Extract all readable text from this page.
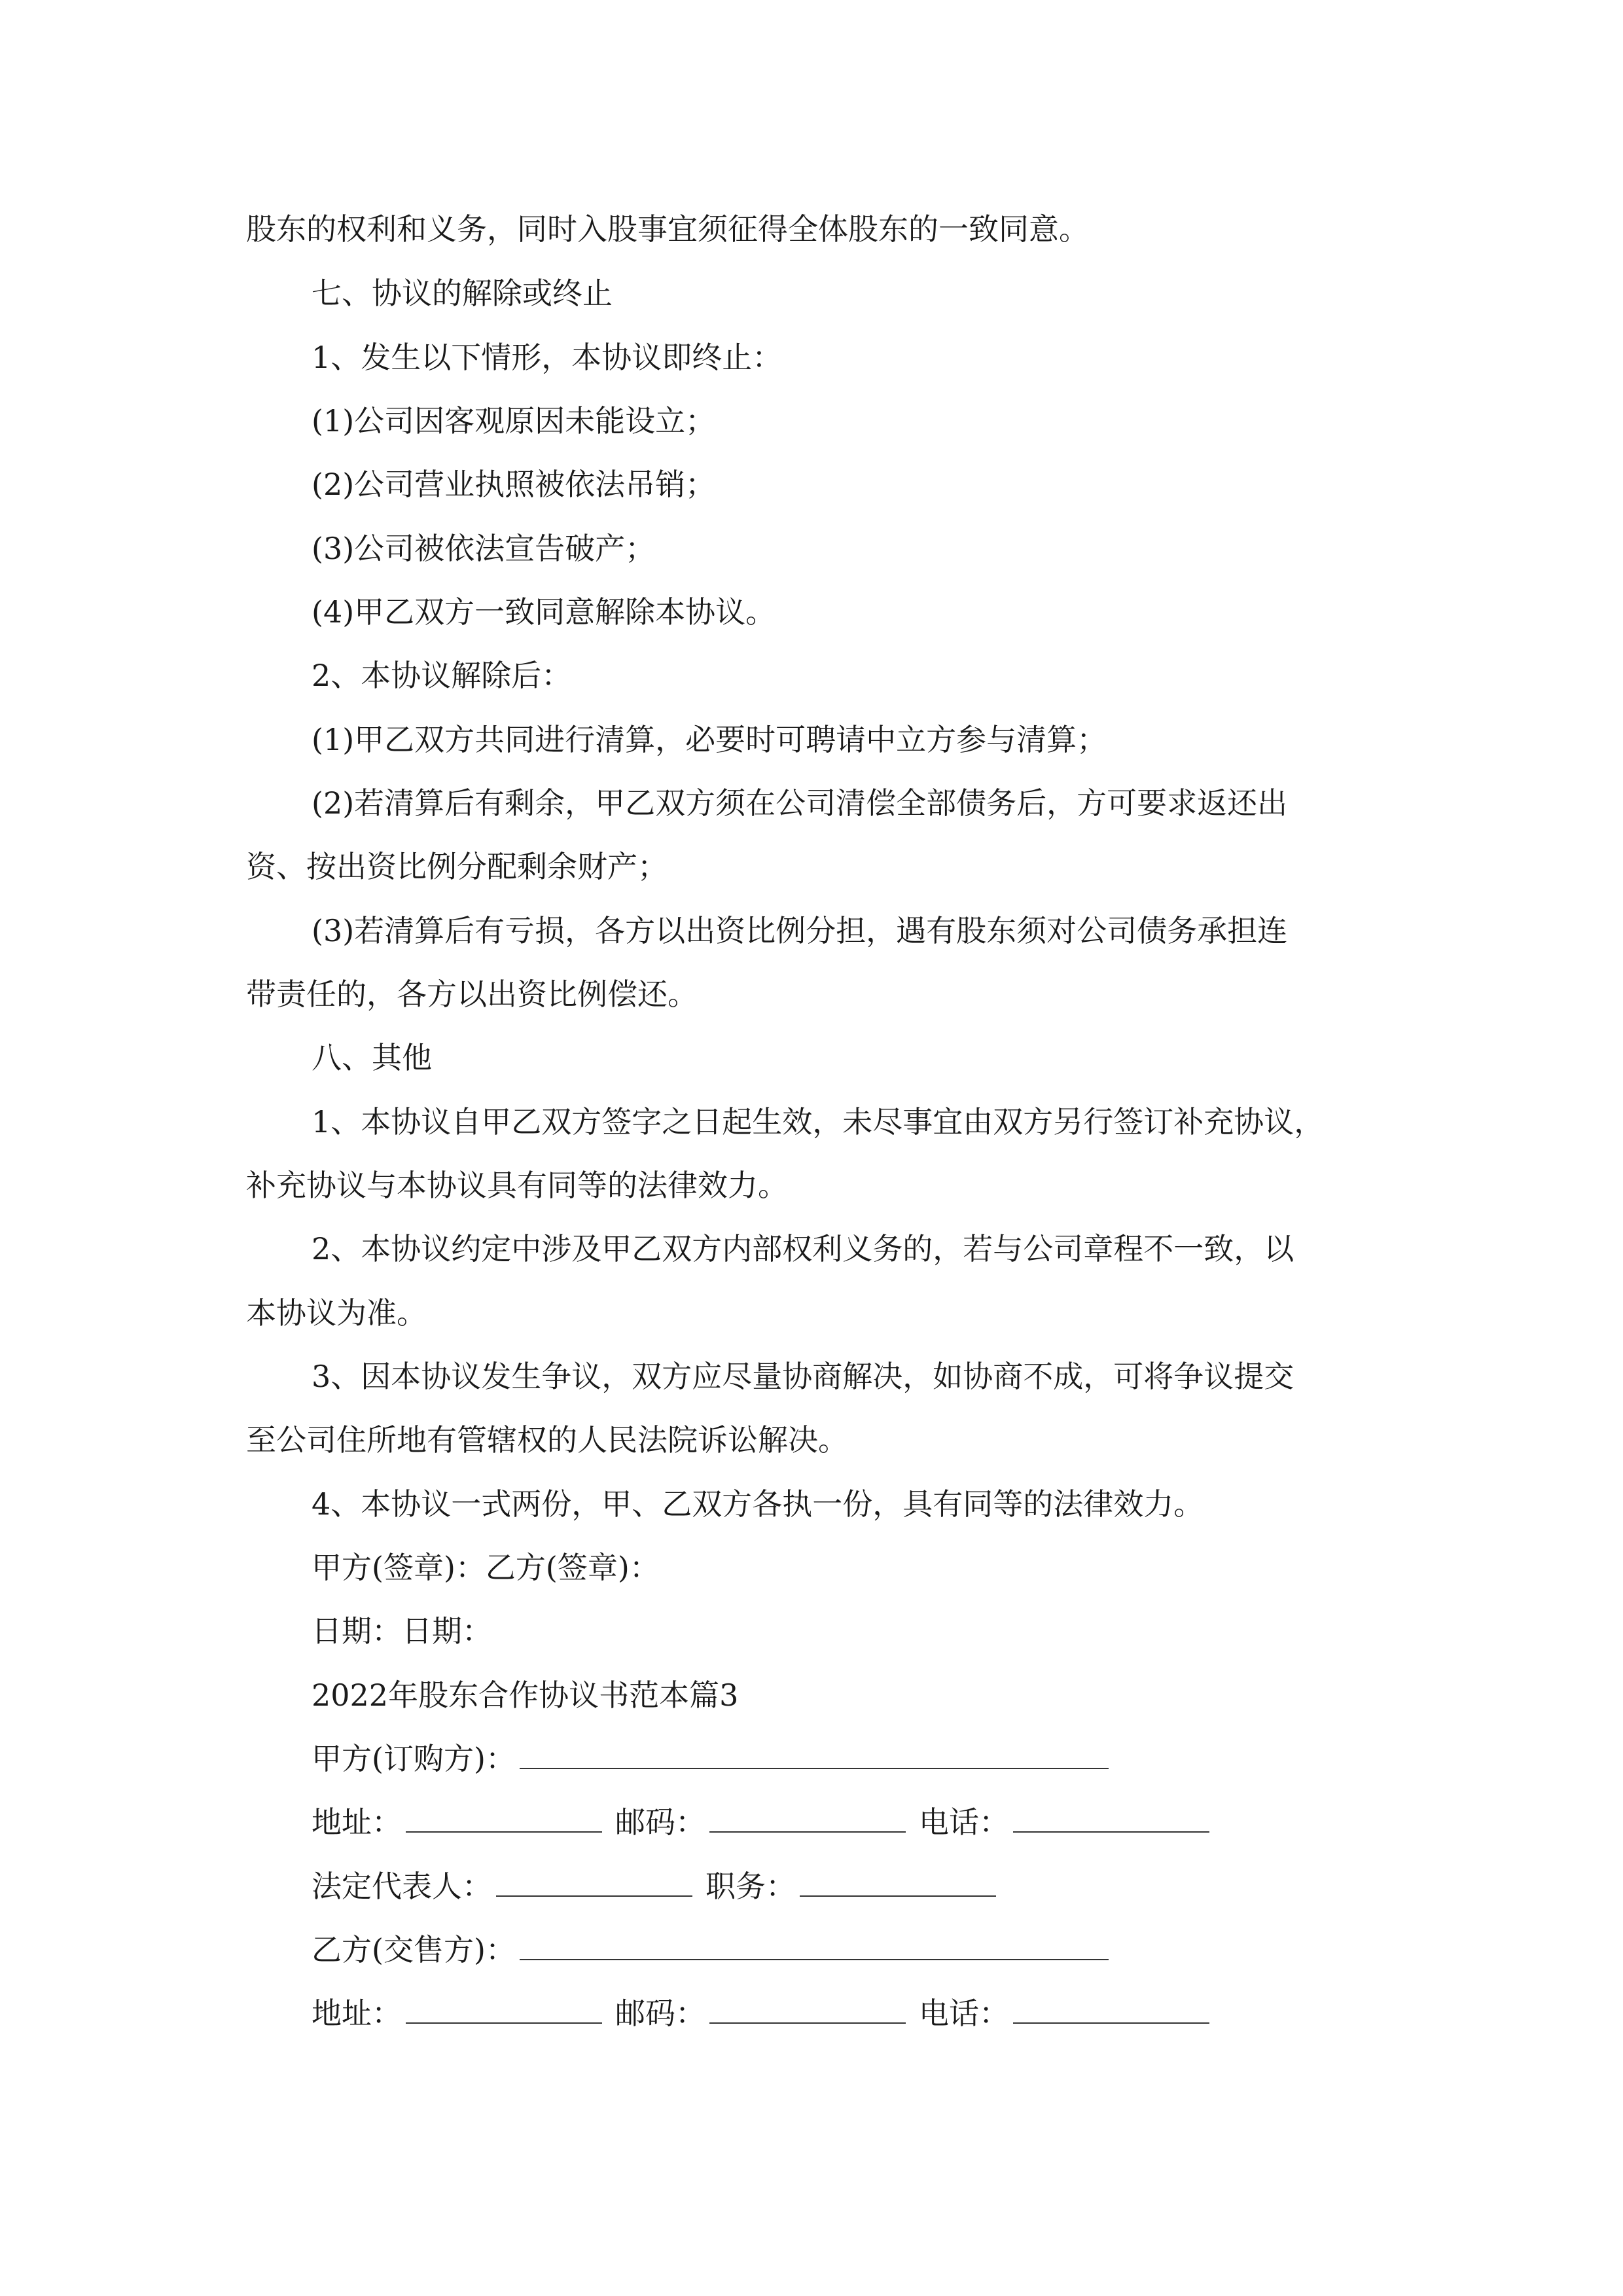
股东的权利和义务，同时入股事宜须征得全体股东的一致同意。
七、协议的解除或终止
1、发生以下情形，本协议即终止：
(1)公司因客观原因未能设立；
(2)公司营业执照被依法吊销；
(3)公司被依法宣告破产；
(4)甲乙双方一致同意解除本协议。
2、本协议解除后：
(1)甲乙双方共同进行清算，必要时可聘请中立方参与清算；
(2)若清算后有剩余，甲乙双方须在公司清偿全部债务后，方可要求返还出
资、按出资比例分配剩余财产；
(3)若清算后有亏损，各方以出资比例分担，遇有股东须对公司债务承担连
带责任的，各方以出资比例偿还。
八、其他
1、本协议自甲乙双方签字之日起生效，未尽事宜由双方另行签订补充协议，
补充协议与本协议具有同等的法律效力。
2、本协议约定中涉及甲乙双方内部权利义务的，若与公司章程不一致，以
本协议为准。
3、因本协议发生争议，双方应尽量协商解决，如协商不成，可将争议提交
至公司住所地有管辖权的人民法院诉讼解决。
4、本协议一式两份，甲、乙双方各执一份，具有同等的法律效力。
甲方(签章)：乙方(签章)：
日期：日期：
2022年股东合作协议书范本篇3
甲方(订购方)：
地址：	邮码：	电话：
法定代表人：	职务：
乙方(交售方)：
地址：	邮码：	电话：
